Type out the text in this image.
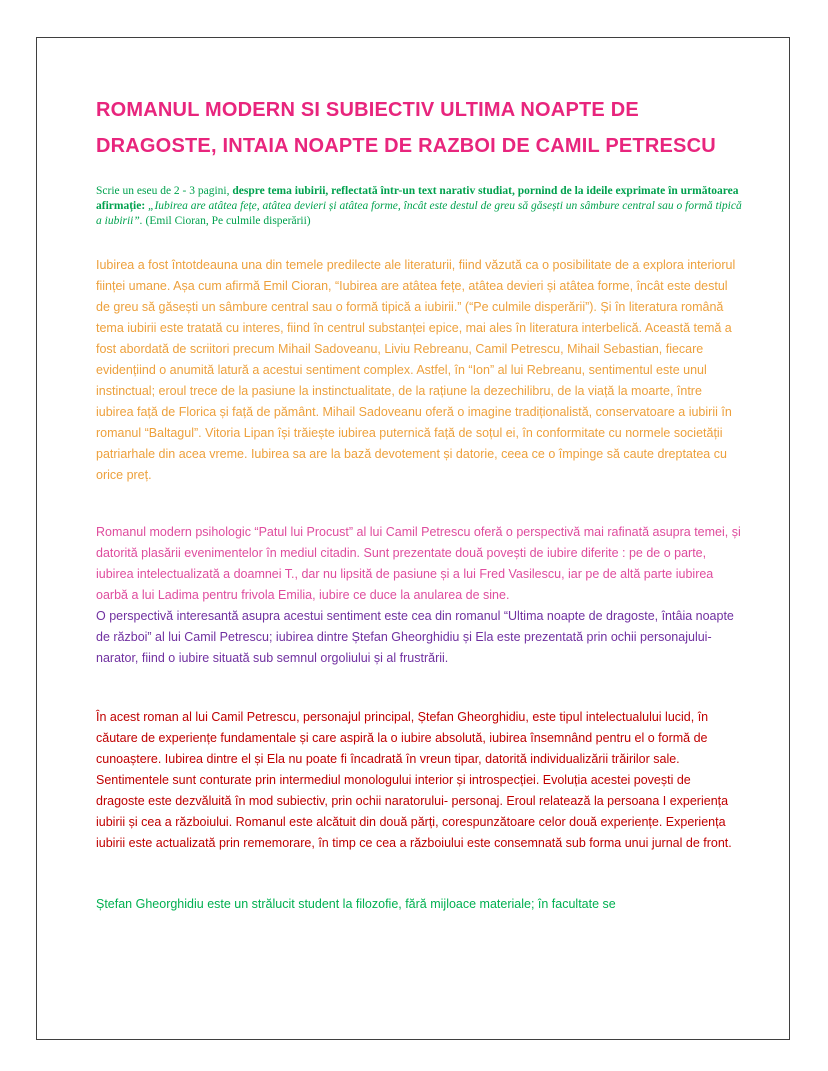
ROMANUL MODERN SI SUBIECTIV ULTIMA NOAPTE DE DRAGOSTE, INTAIA NOAPTE DE RAZBOI DE CAMIL PETRESCU

Scrie un eseu de 2 - 3 pagini, despre tema iubirii, reflectată într-un text narativ studiat, pornind de la ideile exprimate în următoarea afirmație: „Iubirea are atâtea fețe, atâtea devieri și atâtea forme, încât este destul de greu să găsești un sâmbure central sau o formă tipică a iubirii”. (Emil Cioran, Pe culmile disperării)

Iubirea a fost întotdeauna una din temele predilecte ale literaturii, fiind văzută ca o posibilitate de a explora interiorul ființei umane. Așa cum afirmă Emil Cioran, “Iubirea are atâtea fețe, atâtea devieri și atâtea forme, încât este destul de greu să găsești un sâmbure central sau o formă tipică a iubirii.” (“Pe culmile disperării”). Și în literatura română tema iubirii este tratată cu interes, fiind în centrul substanței epice, mai ales în literatura interbelică. Această temă a fost abordată de scriitori precum Mihail Sadoveanu, Liviu Rebreanu, Camil Petrescu, Mihail Sebastian, fiecare evidențiind o anumită latură a acestui sentiment complex. Astfel, în “Ion” al lui Rebreanu, sentimentul este unul instinctual; eroul trece de la pasiune la instinctualitate, de la rațiune la dezechilibru, de la viață la moarte, între iubirea față de Florica și față de pământ. Mihail Sadoveanu oferă o imagine tradiționalistă, conservatoare a iubirii în romanul “Baltagul”. Vitoria Lipan își trăiește iubirea puternică față de soțul ei, în conformitate cu normele societății patriarhale din acea vreme. Iubirea sa are la bază devotement și datorie, ceea ce o împinge să caute dreptatea cu orice preț.

Romanul modern psihologic “Patul lui Procust” al lui Camil Petrescu oferă o perspectivă mai rafinată asupra temei, și datorită plasării evenimentelor în mediul citadin. Sunt prezentate două povești de iubire diferite : pe de o parte, iubirea intelectualizată a doamnei T., dar nu lipsită de pasiune și a lui Fred Vasilescu, iar pe de altă parte iubirea oarbă a lui Ladima pentru frivola Emilia, iubire ce duce la anularea de sine.

O perspectivă interesantă asupra acestui sentiment este cea din romanul “Ultima noapte de dragoste, întâia noapte de război” al lui Camil Petrescu; iubirea dintre Ștefan Gheorghidiu și Ela este prezentată prin ochii personajului- narator, fiind o iubire situată sub semnul orgoliului și al frustrării.

În acest roman al lui Camil Petrescu, personajul principal, Ștefan Gheorghidiu, este tipul intelectualului lucid, în căutare de experiențe fundamentale și care aspiră la o iubire absolută, iubirea însemnând pentru el o formă de cunoaștere. Iubirea dintre el și Ela nu poate fi încadrată în vreun tipar, datorită individualizării trăirilor sale. Sentimentele sunt conturate prin intermediul monologului interior și introspecției. Evoluția acestei povești de dragoste este dezvăluită în mod subiectiv, prin ochii naratorului- personaj. Eroul relatează la persoana I experiența iubirii și cea a războiului. Romanul este alcătuit din două părți, corespunzătoare celor două experiențe. Experiența iubirii este actualizată prin rememorare, în timp ce cea a războiului este consemnată sub forma unui jurnal de front.

Ștefan Gheorghidiu este un strălucit student la filozofie, fără mijloace materiale; în facultate se
